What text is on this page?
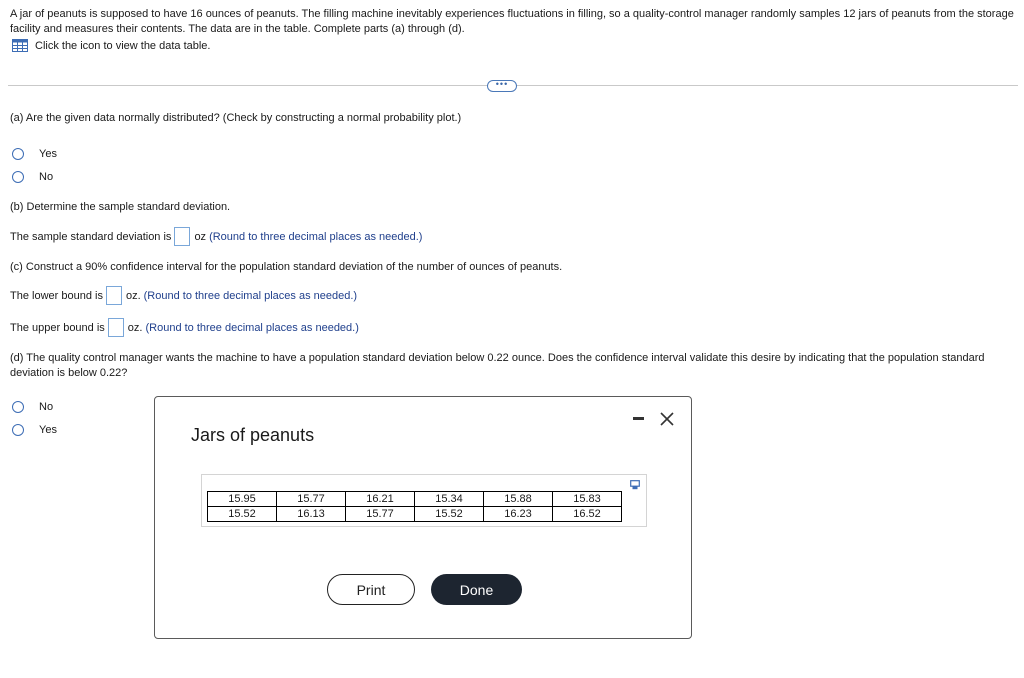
A jar of peanuts is supposed to have 16 ounces of peanuts. The filling machine inevitably experiences fluctuations in filling, so a quality-control manager randomly samples 12 jars of peanuts from the storage facility and measures their contents. The data are in the table. Complete parts (a) through (d).
Click the icon to view the data table.
•••
(a) Are the given data normally distributed? (Check by constructing a normal probability plot.)
Yes
No
(b) Determine the sample standard deviation.
The sample standard deviation is oz (Round to three decimal places as needed.)
(c) Construct a 90% confidence interval for the population standard deviation of the number of ounces of peanuts.
The lower bound is oz. (Round to three decimal places as needed.)
The upper bound is oz. (Round to three decimal places as needed.)
(d) The quality control manager wants the machine to have a population standard deviation below 0.22 ounce. Does the confidence interval validate this desire by indicating that the population standard deviation is below 0.22?
No
Yes	Jars of peanuts
15.95	15.77	16.21	15.34	15.88	15.83
15.52	16.13	15.77	15.52	16.23	16.52
Print	Done
